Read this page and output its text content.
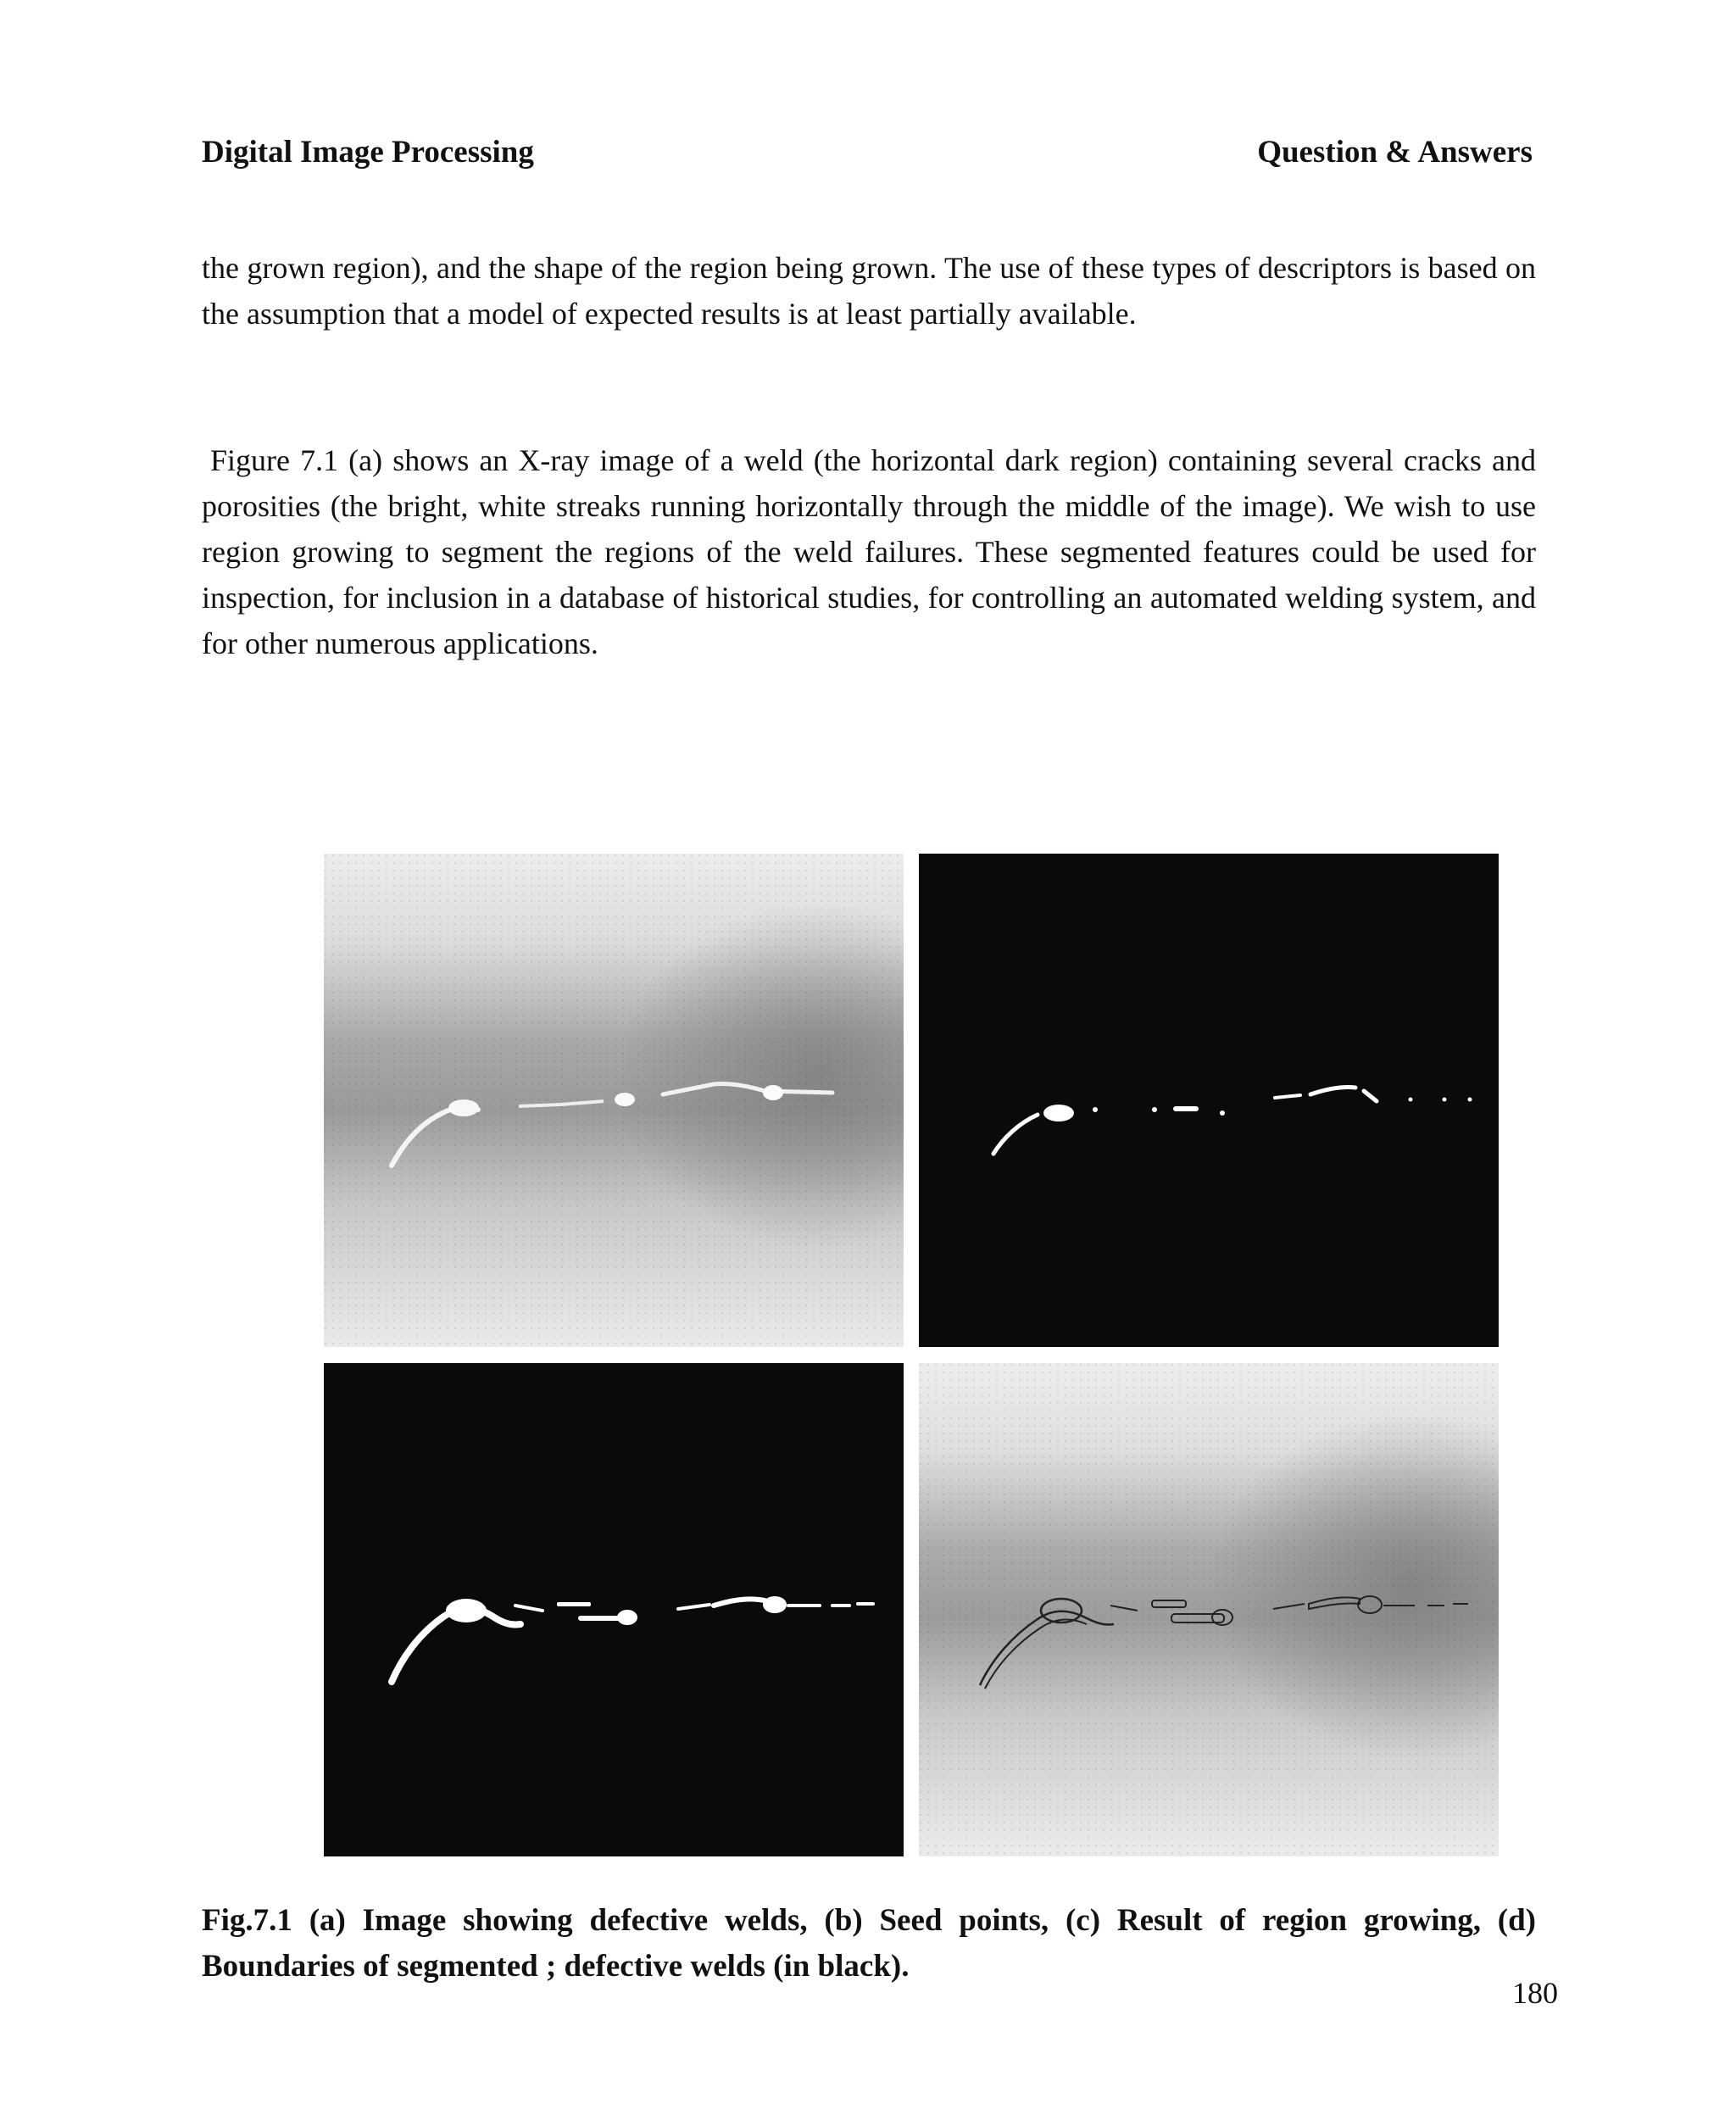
Digital Image Processing	Question & Answers

the grown region), and the shape of the region being grown. The use of these types of descriptors is based on the assumption that a model of expected results is at least partially available.

Figure 7.1 (a) shows an X-ray image of a weld (the horizontal dark region) containing several cracks and porosities (the bright, white streaks running horizontally through the middle of the image). We wish to use region growing to segment the regions of the weld failures. These segmented features could be used for inspection, for inclusion in a database of historical studies, for controlling an automated welding system, and for other numerous applications.

Fig.7.1 (a) Image showing defective welds, (b) Seed points, (c) Result of region growing, (d) Boundaries of segmented ; defective welds (in black).

180
